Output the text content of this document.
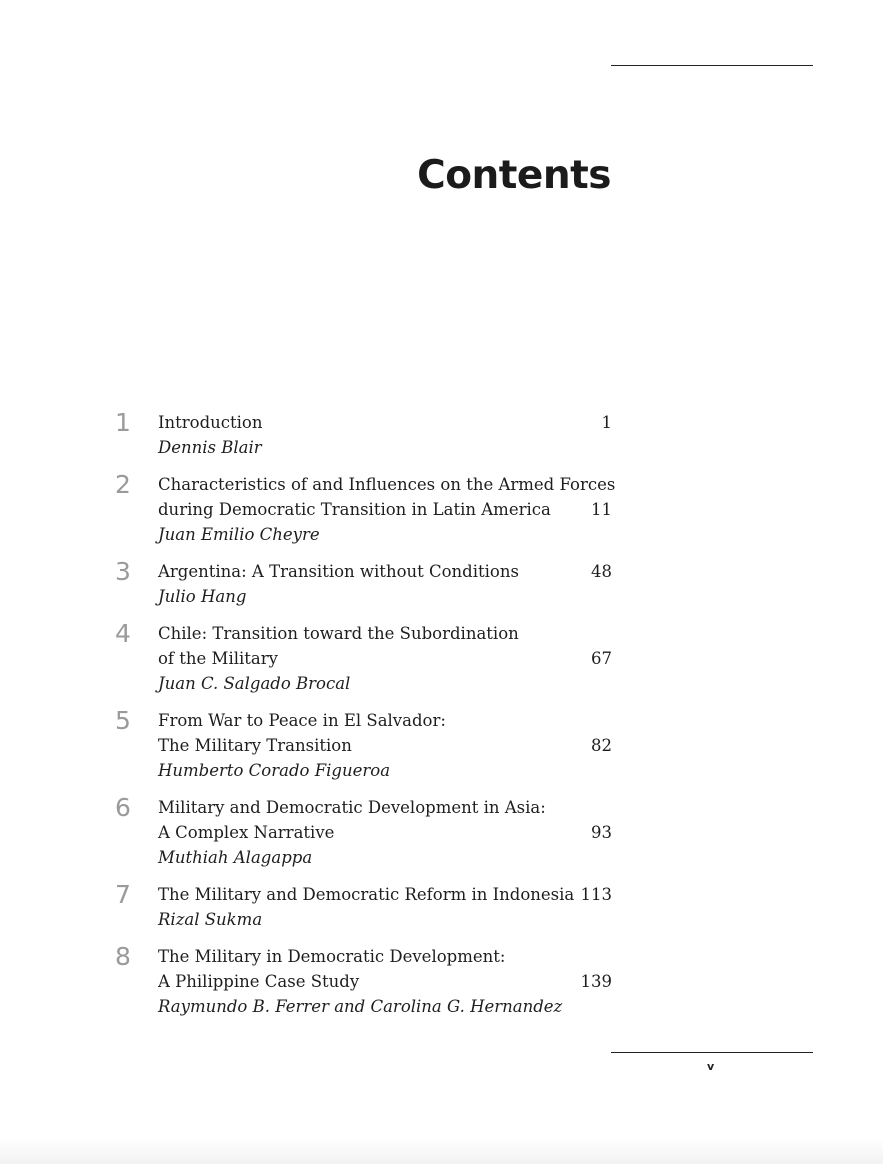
Contents
1 Introduction	1
Dennis Blair
2 Characteristics of and Influences on the Armed Forces
during Democratic Transition in Latin America 11
Juan Emilio Cheyre
3 Argentina: A Transition without Conditions	48
Julio Hang
4 Chile: Transition toward the Subordination
of the Military	67
Juan C. Salgado Brocal
5 From War to Peace in El Salvador:
The Military Transition	82
Humberto Corado Figueroa
6 Military and Democratic Development in Asia:
A Complex Narrative	93
Muthiah Alagappa
7 The Military and Democratic Reform in Indonesia 113
Rizal Sukma
8 The Military in Democratic Development:
A Philippine Case Study	139
Raymundo B. Ferrer and Carolina G. Hernandez
v
